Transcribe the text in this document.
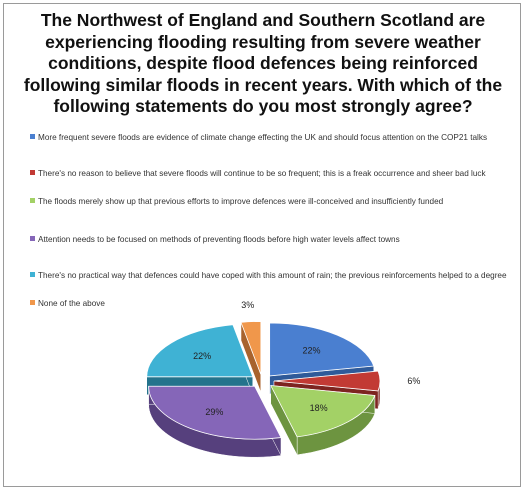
The Northwest of England and Southern Scotland are experiencing flooding resulting from severe weather conditions, despite flood defences being reinforced following similar floods in recent years. With which of the following statements do you most strongly agree?
More frequent severe floods are evidence of climate change effecting the UK and should focus attention on the COP21 talks
There's no reason to believe that severe floods will continue to be so frequent; this is a freak occurrence and sheer bad luck
The floods merely show up that previous efforts to improve defences were ill-conceived and insufficiently funded
Attention needs to be focused on methods of preventing floods before high water levels affect towns
There's no practical way that defences could have coped with this amount of rain; the previous reinforcements helped to a degree
None of the above
22%
6%
18%
29%
22%
3%
